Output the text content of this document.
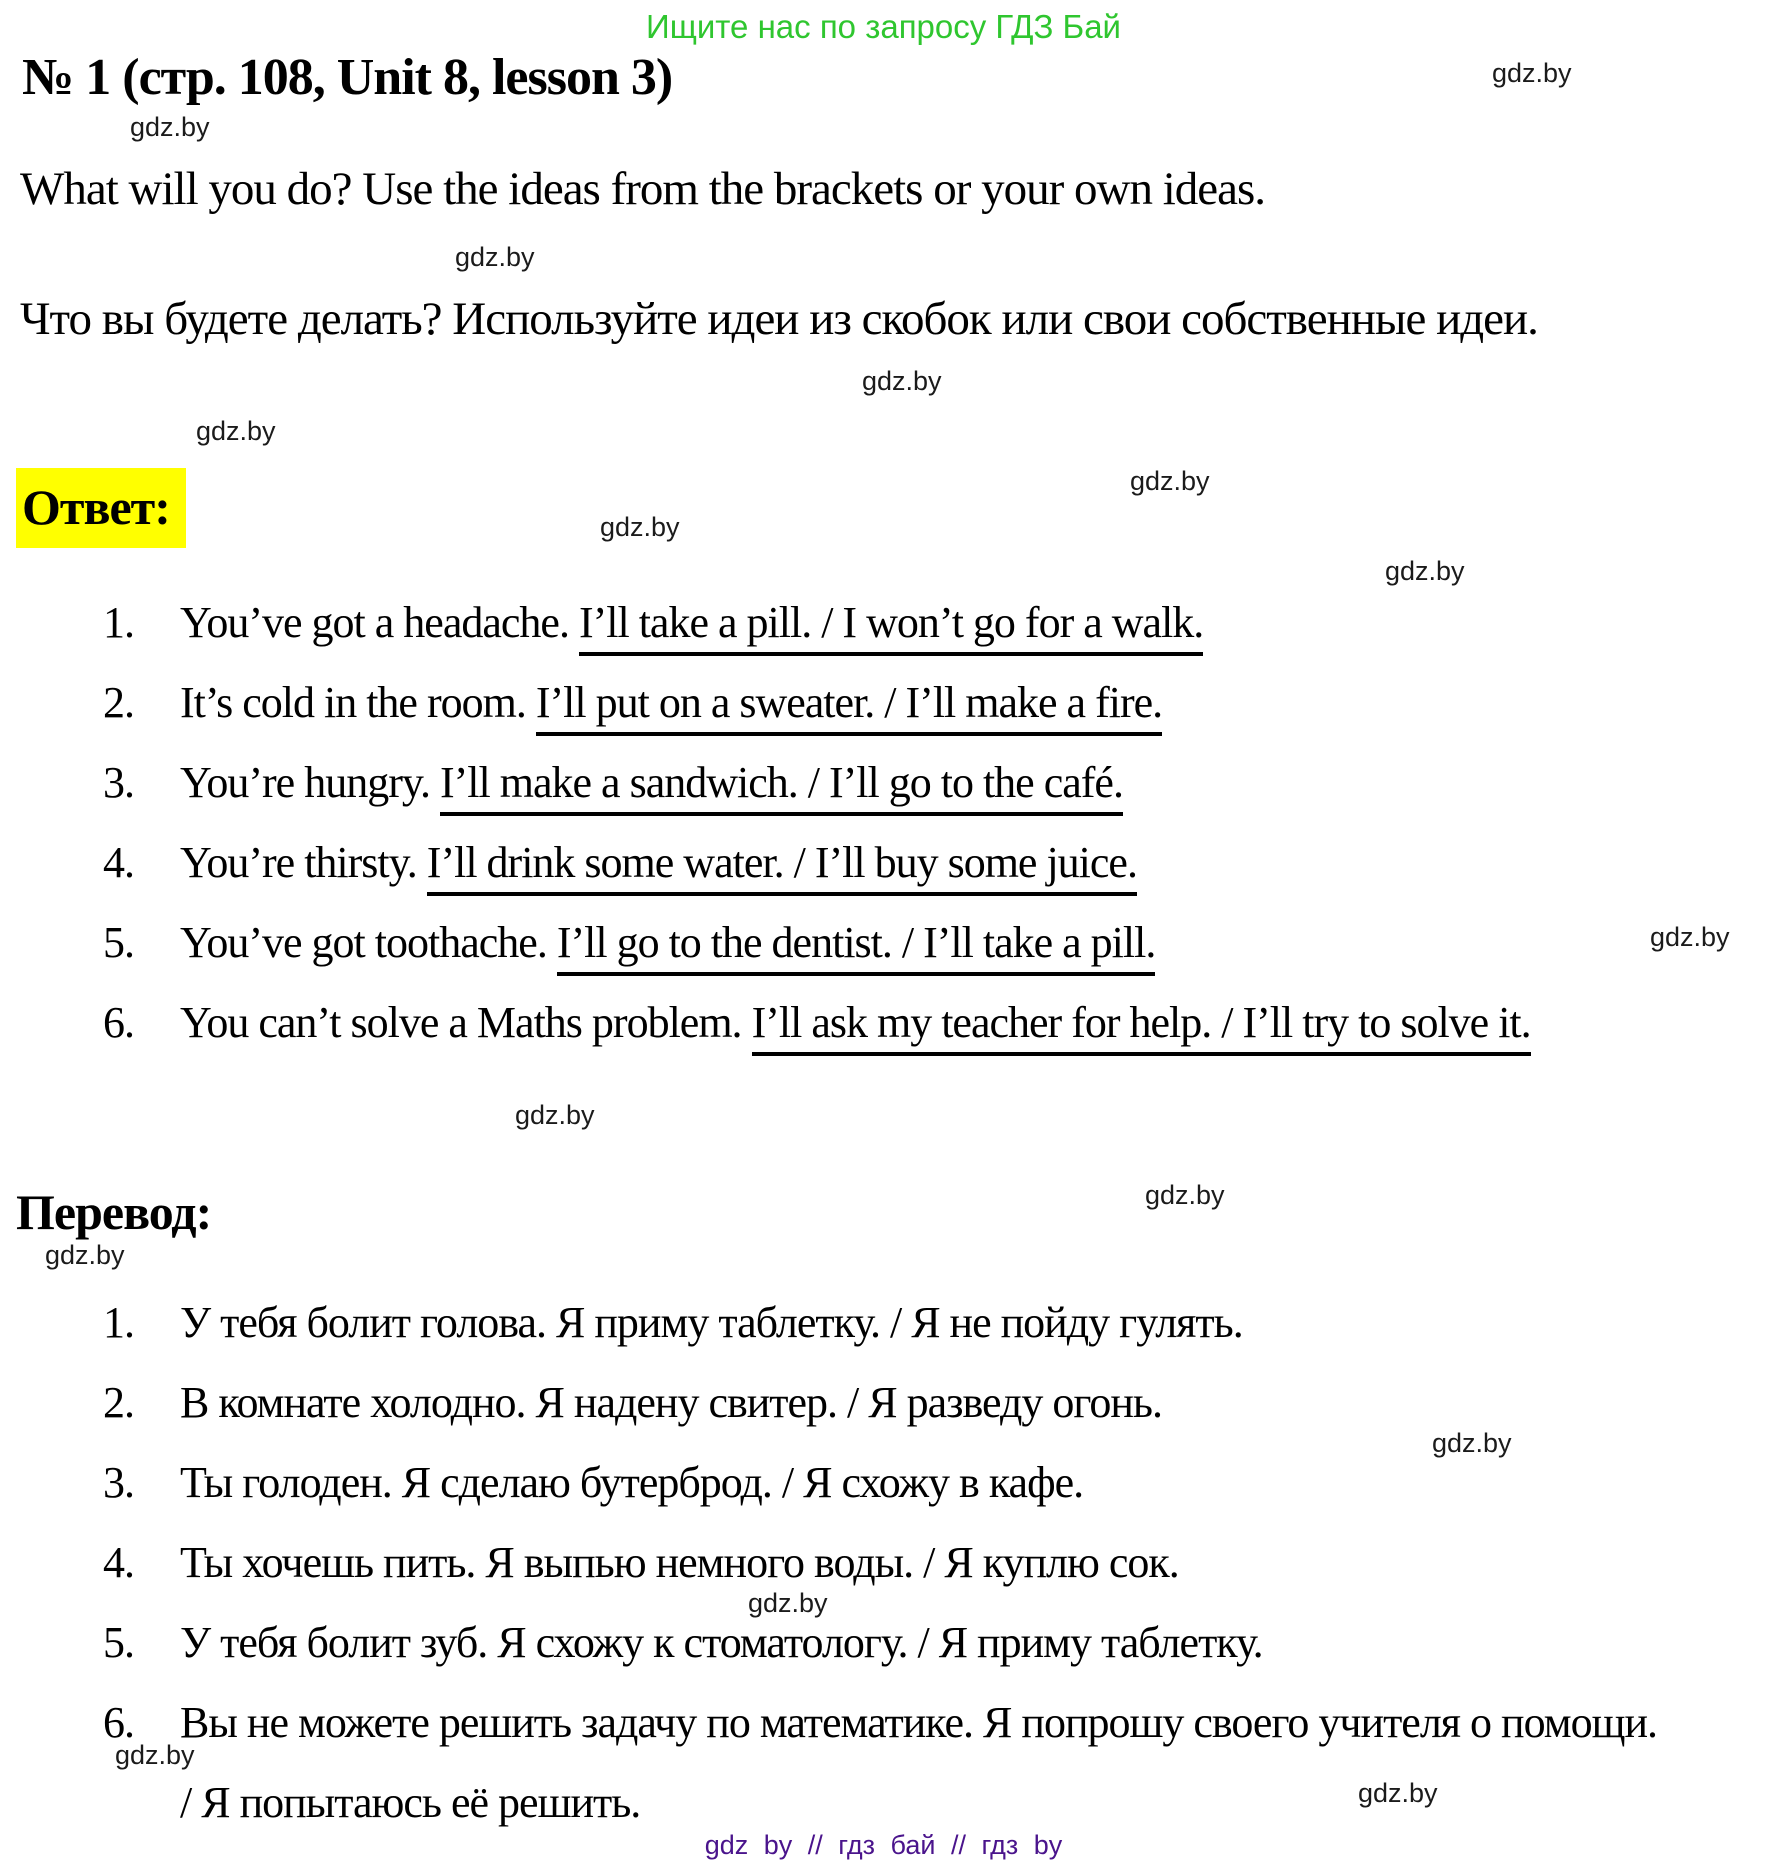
Ищите нас по запросу ГДЗ Бай
gdz.by
gdz.by
gdz.by
gdz.by
gdz.by
gdz.by
gdz.by
gdz.by
gdz.by
gdz.by
gdz.by
gdz.by
gdz.by
gdz.by
gdz.by
gdz.by
№ 1 (стр. 108, Unit 8, lesson 3)

What will you do? Use the ideas from the brackets or your own ideas.

Что вы будете делать? Используйте идеи из скобок или свои собственные идеи.

Ответ:
1.	You’ve got a headache. I’ll take a pill. / I won’t go for a walk.
2.	It’s cold in the room. I’ll put on a sweater. / I’ll make a fire.
3.	You’re hungry. I’ll make a sandwich. / I’ll go to the café.
4.	You’re thirsty. I’ll drink some water. / I’ll buy some juice.
5.	You’ve got toothache. I’ll go to the dentist. / I’ll take a pill.
6.	You can’t solve a Maths problem. I’ll ask my teacher for help. / I’ll try to solve it.
Перевод:
1.	У тебя болит голова. Я приму таблетку. / Я не пойду гулять.
2.	В комнате холодно. Я надену свитер. / Я разведу огонь.
3.	Ты голоден. Я сделаю бутерброд. / Я схожу в кафе.
4.	Ты хочешь пить. Я выпью немного воды. / Я куплю сок.
5.	У тебя болит зуб. Я схожу к стоматологу. / Я приму таблетку.
6.	Вы не можете решить задачу по математике. Я попрошу своего учителя о помощи. / Я попытаюсь её решить.
gdz by // гдз бай // гдз by
